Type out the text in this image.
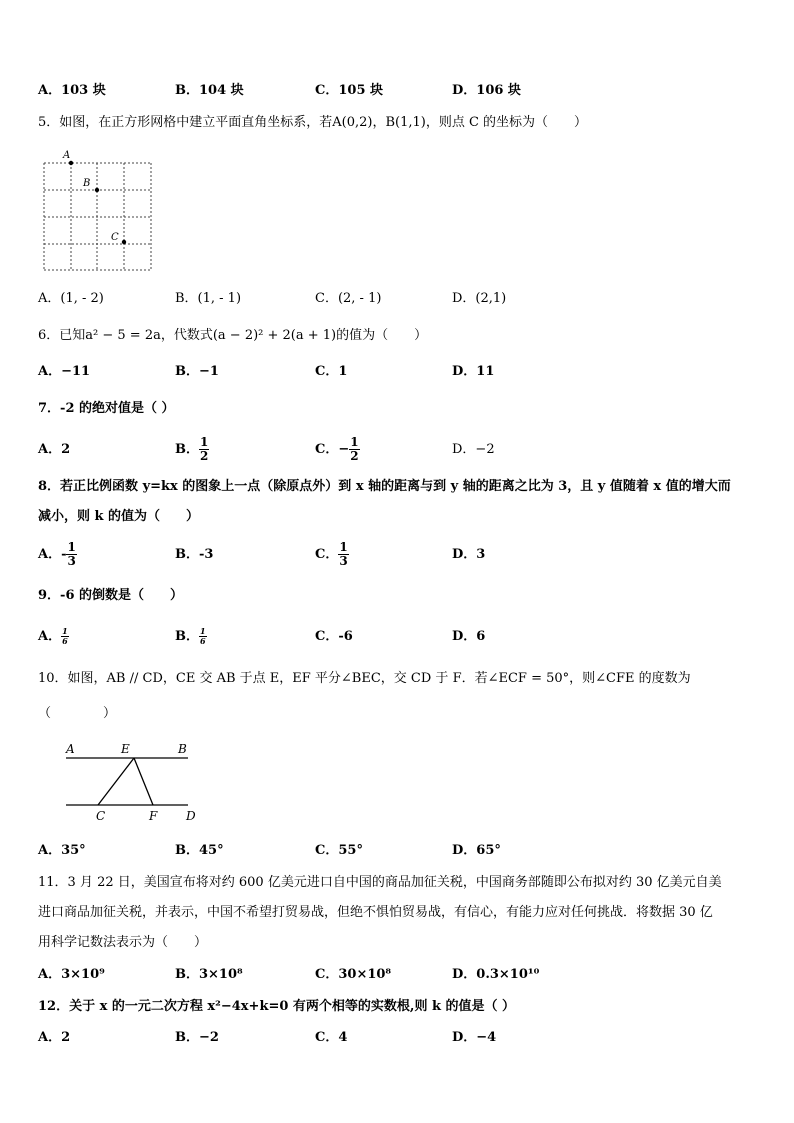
A．103 块	B．104 块	C．105 块	D．106 块
5．如图，在正方形网格中建立平面直角坐标系，若A(0,2)，B(1,1)，则点 C 的坐标为（　　）
A
B
C
A．(1, - 2)	B．(1, - 1)	C．(2, - 1)	D．(2,1)
6．已知a² − 5 = 2a，代数式(a − 2)² + 2(a + 1)的值为（　　）
A．−11	B．−1	C．1	D．11
7．-2 的绝对值是（ ）
A．2	B． $\frac{1}{2}$	C．− $\frac{1}{2}$	D．−2
8．若正比例函数 y=kx 的图象上一点（除原点外）到 x 轴的距离与到 y 轴的距离之比为 3，且 y 值随着 x 值的增大而
减小，则 k 的值为（　　）
A．- $\frac{1}{3}$	B．-3	C． $\frac{1}{3}$	D．3
9．-6 的倒数是（　　）
A． $\frac{1}{6}$	B． $\frac{1}{6}$	C．-6	D．6
10．如图，AB // CD，CE 交 AB 于点 E，EF 平分∠BEC，交 CD 于 F．若∠ECF = 50°，则∠CFE 的度数为
（　　　　）
A	E	B
C	F D
A．35°	B．45°	C．55°	D．65°
11．3 月 22 日，美国宣布将对约 600 亿美元进口自中国的商品加征关税，中国商务部随即公布拟对约 30 亿美元自美
进口商品加征关税，并表示，中国不希望打贸易战，但绝不惧怕贸易战，有信心，有能力应对任何挑战．将数据 30 亿
用科学记数法表示为（　　）
A．3×10⁹	B．3×10⁸	C．30×10⁸	D．0.3×10¹⁰
12．关于 x 的一元二次方程 x²−4x+k=0 有两个相等的实数根,则 k 的值是（ ）
A．2	B．−2	C．4	D．−4
